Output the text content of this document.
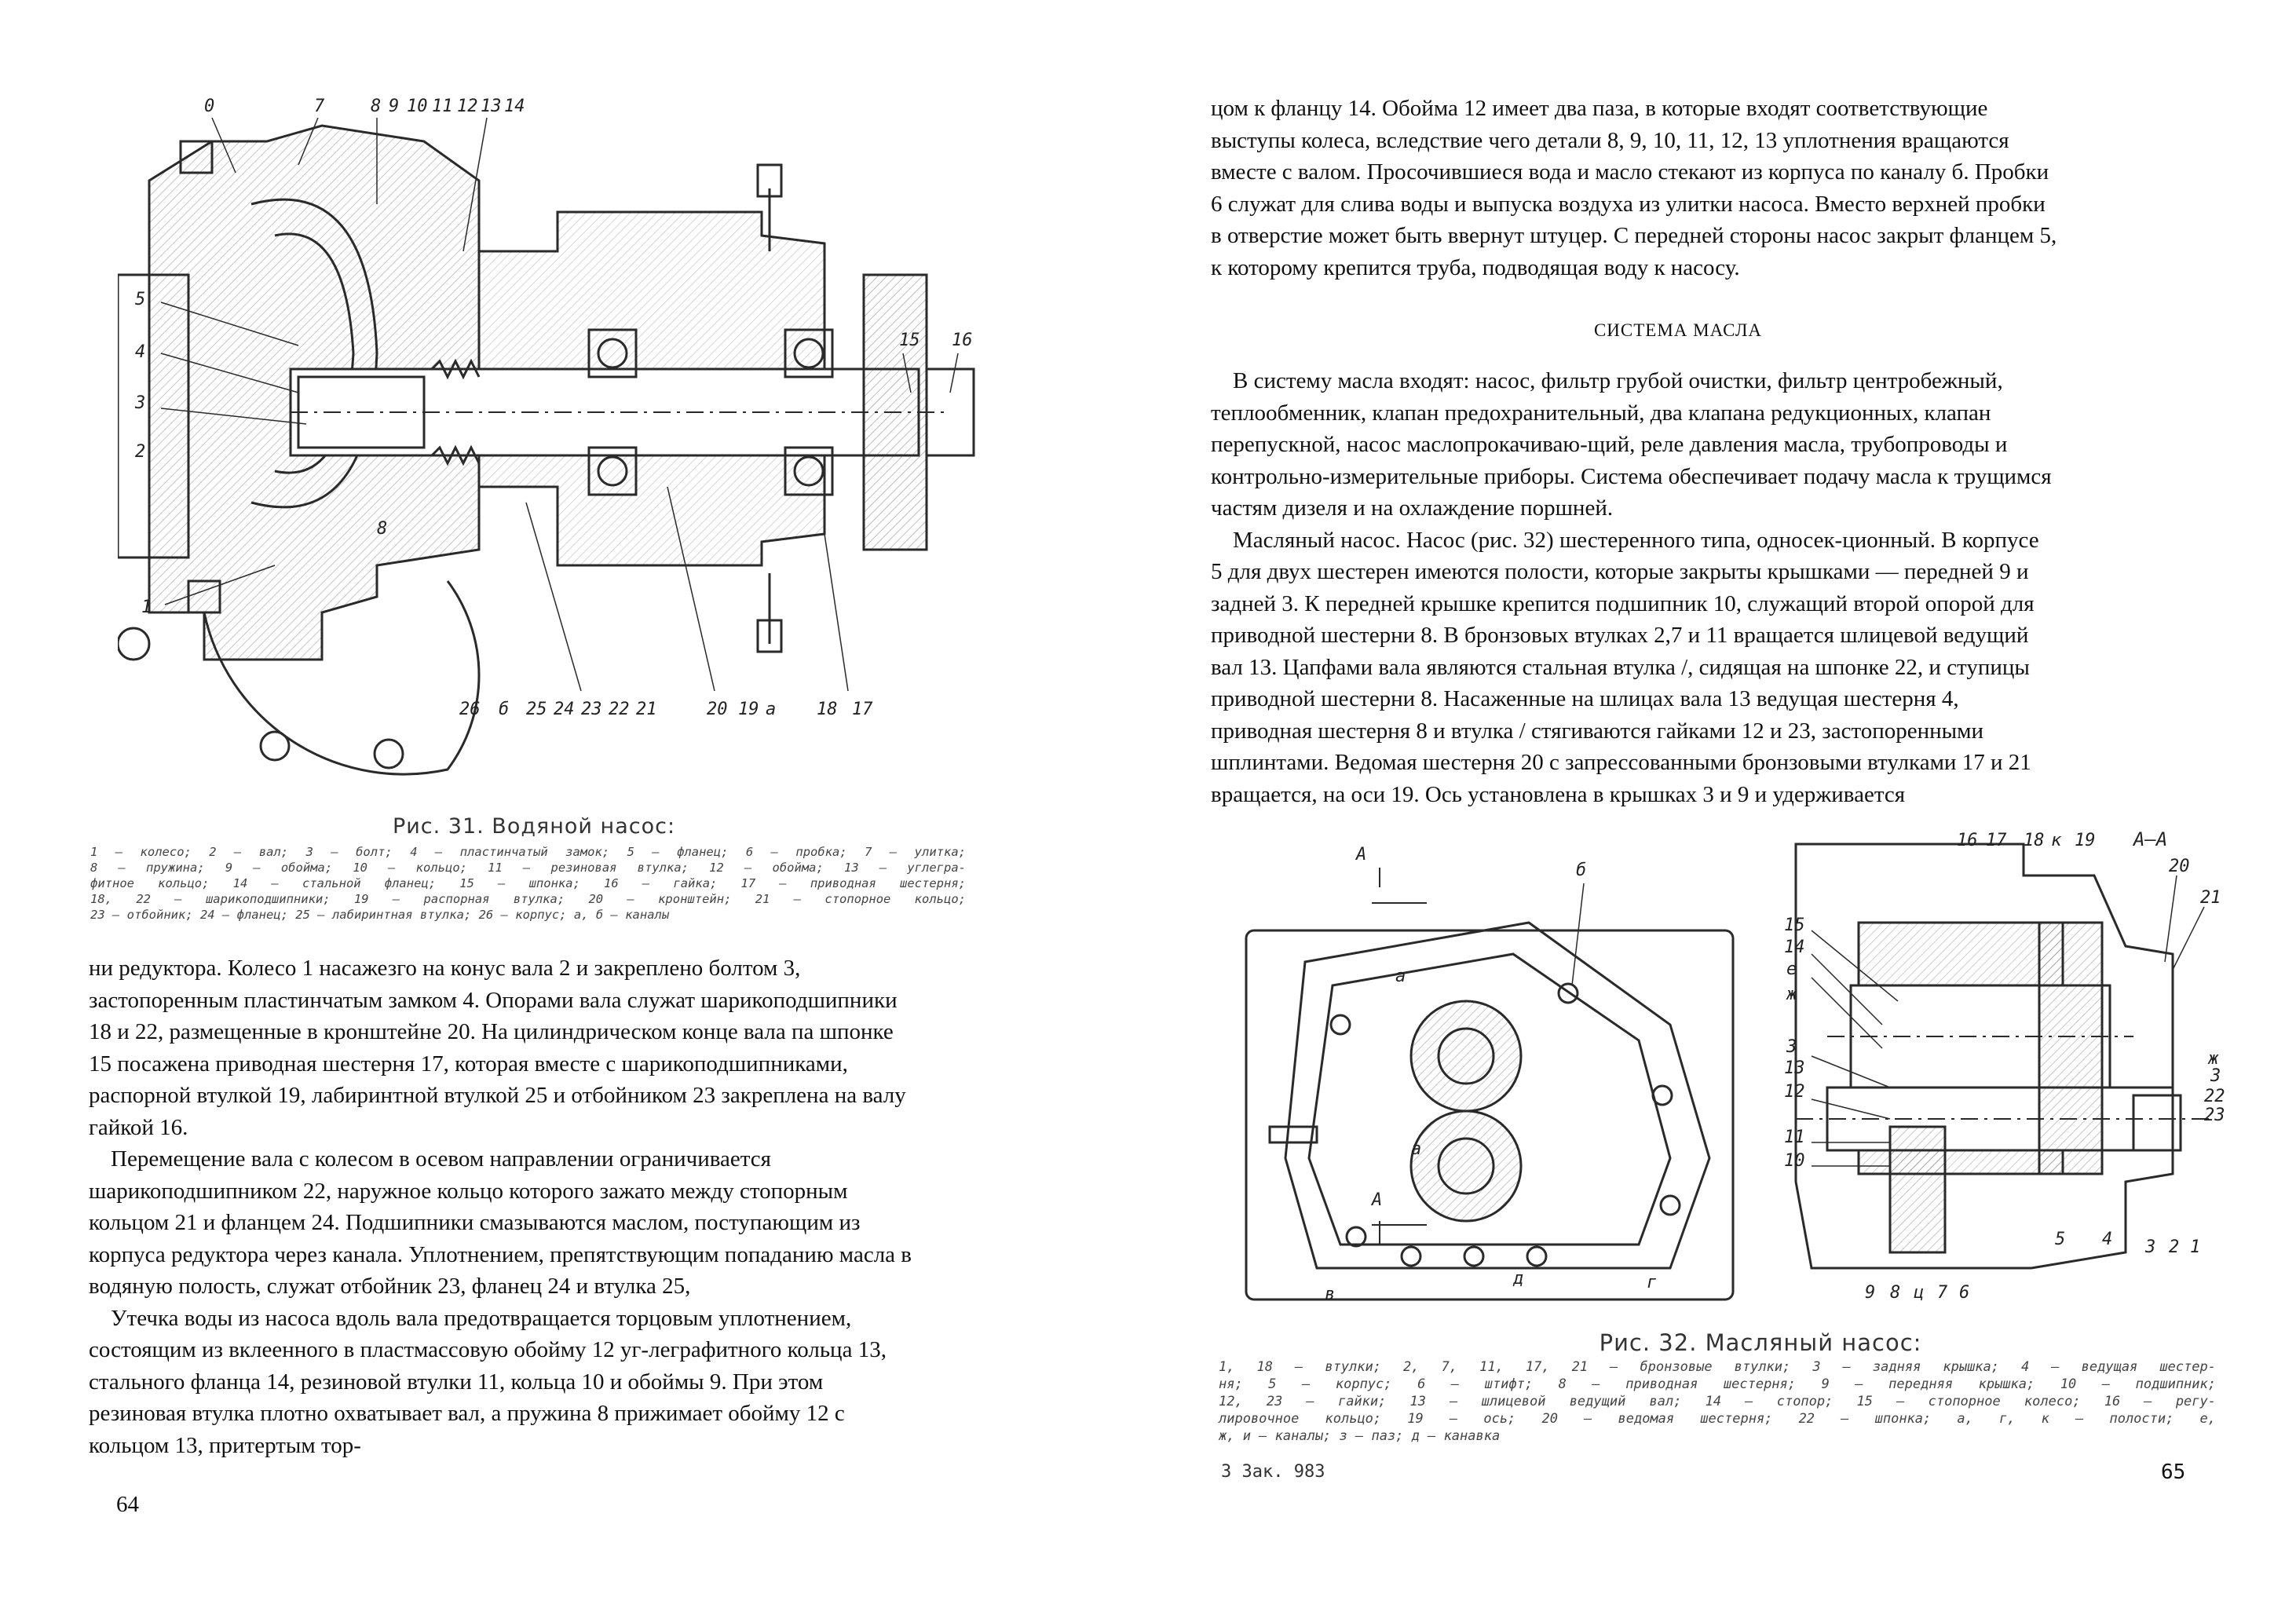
0	7	8 9 10 11 12 13 14
5
4
3
2
8
1
15 16
26 б 25 24 23 22 21	20 19 а 18 17
Рис. 31. Водяной насос:
1 — колесо; 2 — вал; 3 — болт; 4 — пластинчатый замок; 5 — фланец; 6 — пробка; 7 — улитка;
8 — пружина; 9 — обойма; 10 — кольцо; 11 — резиновая втулка; 12 — обойма; 13 — углегра-
фитное кольцо; 14 — стальной фланец; 15 — шпонка; 16 — гайка; 17 — приводная шестерня;
18, 22 — шарикоподшипники; 19 — распорная втулка; 20 — кронштейн; 21 — стопорное кольцо;
23 — отбойник; 24 — фланец; 25 — лабиринтная втулка; 26 — корпус; а, б — каналы

ни редуктора. Колесо 1 насажезго на конус вала 2 и закреплено болтом 3,

застопоренным пластинчатым замком 4. Опорами вала служат шарикоподшипники

18 и 22, размещенные в кронштейне 20. На цилиндрическом конце вала па шпонке

15 посажена приводная шестерня 17, которая вместе с шарикоподшипниками,

распорной втулкой 19, лабиринтной втулкой 25 и отбойником 23 закреплена на валу

гайкой 16.

Перемещение вала с колесом в осевом направлении ограничивается

шарикоподшипником 22, наружное кольцо которого зажато между стопорным

кольцом 21 и фланцем 24. Подшипники смазываются маслом, поступающим из

корпуса редуктора через канала. Уплотнением, препятствующим попаданию масла в

водяную полость, служат отбойник 23, фланец 24 и втулка 25,

Утечка воды из насоса вдоль вала предотвращается торцовым уплотнением,

состоящим из вклеенного в пластмассовую обойму 12 уг-леграфитного кольца 13,

стального фланца 14, резиновой втулки 11, кольца 10 и обоймы 9. При этом

резиновая втулка плотно охватывает вал, а пружина 8 прижимает обойму 12 с

кольцом 13, притертым тор-

64

цом к фланцу 14. Обойма 12 имеет два паза, в которые входят соответствующие

выступы колеса, вследствие чего детали 8, 9, 10, 11, 12, 13 уплотнения вращаются

вместе с валом. Просочившиеся вода и масло стекают из корпуса по каналу б. Пробки

6 служат для слива воды и выпуска воздуха из улитки насоса. Вместо верхней пробки

в отверстие может быть ввернут штуцер. С передней стороны насос закрыт фланцем 5,

к которому крепится труба, подводящая воду к насосу.

СИСТЕМА МАСЛА

В систему масла входят: насос, фильтр грубой очистки, фильтр центробежный,

теплообменник, клапан предохранительный, два клапана редукционных, клапан

перепускной, насос маслопрокачиваю-щий, реле давления масла, трубопроводы и

контрольно-измерительные приборы. Система обеспечивает подачу масла к трущимся

частям дизеля и на охлаждение поршней.

Масляный насос. Насос (рис. 32) шестеренного типа, односек-ционный. В корпусе

5 для двух шестерен имеются полости, которые закрыты крышками — передней 9 и

задней 3. К передней крышке крепится подшипник 10, служащий второй опорой для

приводной шестерни 8. В бронзовых втулках 2,7 и 11 вращается шлицевой ведущий

вал 13. Цапфами вала являются стальная втулка /, сидящая на шпонке 22, и ступицы

приводной шестерни 8. Насаженные на шлицах вала 13 ведущая шестерня 4,

приводная шестерня 8 и втулка / стягиваются гайками 12 и 23, застопоренными

шплинтами. Ведомая шестерня 20 с запрессованными бронзовыми втулками 17 и 21

вращается, на оси 19. Ось установлена в крышках 3 и 9 и удерживается

А—А
А
б
а
а
в
А
д	г
16 17 18 к 19
20
21
15
14
е
ж
3
13
12
11
10
ж
3
22
23
9 8 ц 7 6
5 4 3 2 1
Рис. 32. Масляный насос:
1, 18 — втулки; 2, 7, 11, 17, 21 — бронзовые втулки; 3 — задняя крышка; 4 — ведущая шестер-
ня; 5 — корпус; 6 — штифт; 8 — приводная шестерня; 9 — передняя крышка; 10 — подшипник;
12, 23 — гайки; 13 — шлицевой ведущий вал; 14 — стопор; 15 — стопорное колесо; 16 — регу-
лировочное кольцо; 19 — ось; 20 — ведомая шестерня; 22 — шпонка; а, г, к — полости; е,
ж, и — каналы; з — паз; д — канавка
3 Зак. 983	65
